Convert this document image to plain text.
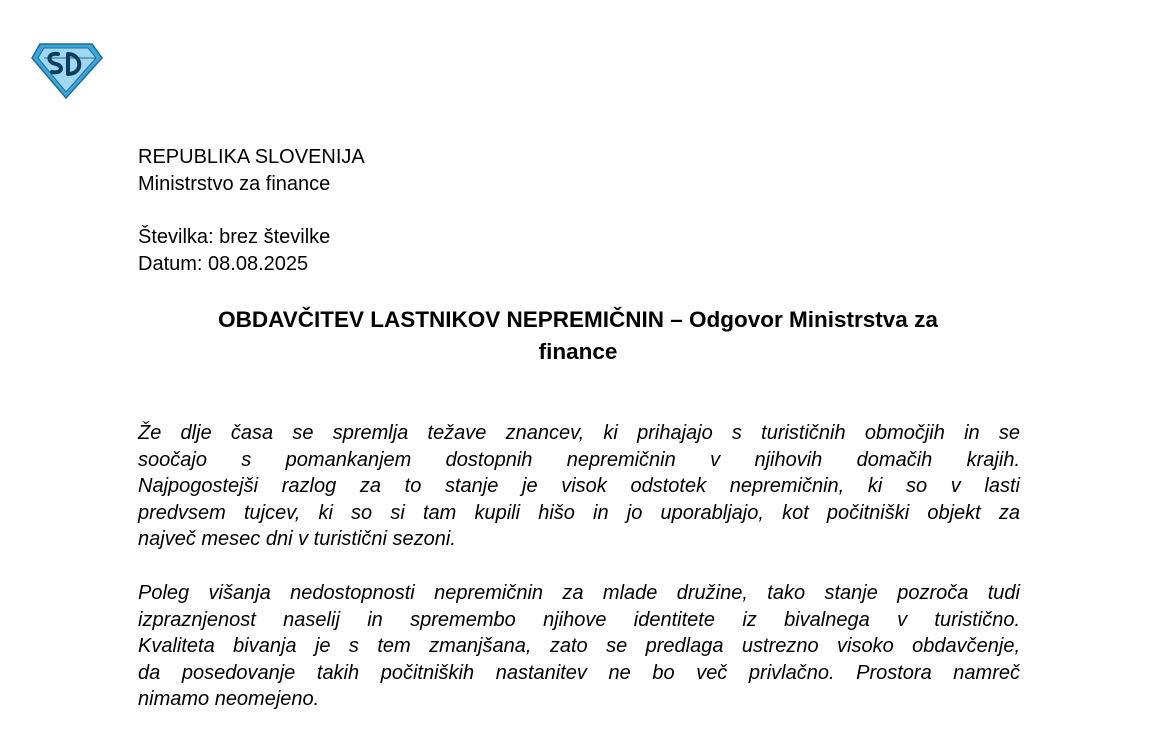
REPUBLIKA SLOVENIJA
Ministrstvo za finance
Številka: brez številke
Datum: 08.08.2025
OBDAVČITEV LASTNIKOV NEPREMIČNIN – Odgovor Ministrstva za
finance

Že dlje časa se spremlja težave znancev, ki prihajajo s turističnih območjih in se
soočajo s pomankanjem dostopnih nepremičnin v njihovih domačih krajih.
Najpogostejši razlog za to stanje je visok odstotek nepremičnin, ki so v lasti
predvsem tujcev, ki so si tam kupili hišo in jo uporabljajo, kot počitniški objekt za
največ mesec dni v turistični sezoni.

Poleg višanja nedostopnosti nepremičnin za mlade družine, tako stanje pozroča tudi
izpraznjenost naselij in spremembo njihove identitete iz bivalnega v turistično.
Kvaliteta bivanja je s tem zmanjšana, zato se predlaga ustrezno visoko obdavčenje,
da posedovanje takih počitniških nastanitev ne bo več privlačno. Prostora namreč
nimamo neomejeno.
